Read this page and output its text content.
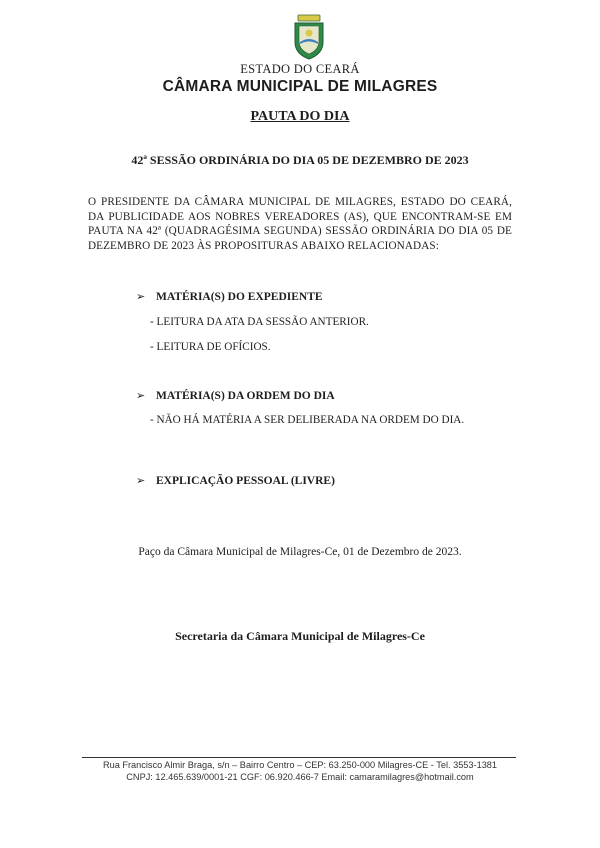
ESTADO DO CEARÁ
CÂMARA MUNICIPAL DE MILAGRES
PAUTA DO DIA
42ª SESSÃO ORDINÁRIA DO DIA 05 DE DEZEMBRO DE 2023
O PRESIDENTE DA CÂMARA MUNICIPAL DE MILAGRES, ESTADO DO CEARÁ, DA PUBLICIDADE AOS NOBRES VEREADORES (AS), QUE ENCONTRAM-SE EM PAUTA NA 42ª (QUADRAGÉSIMA SEGUNDA) SESSÃO ORDINÁRIA DO DIA 05 DE DEZEMBRO DE 2023 ÀS PROPOSITURAS ABAIXO RELACIONADAS:
➢ MATÉRIA(S) DO EXPEDIENTE
- LEITURA DA ATA DA SESSÃO ANTERIOR.
- LEITURA DE OFÍCIOS.
➢ MATÉRIA(S) DA ORDEM DO DIA
- NÃO HÁ MATÉRIA A SER DELIBERADA NA ORDEM DO DIA.
➢ EXPLICAÇÃO PESSOAL (LIVRE)
Paço da Câmara Municipal de Milagres-Ce, 01 de Dezembro de 2023.
Secretaria da Câmara Municipal de Milagres-Ce
Rua Francisco Almir Braga, s/n – Bairro Centro – CEP: 63.250-000 Milagres-CE - Tel. 3553-1381
CNPJ: 12.465.639/0001-21 CGF: 06.920.466-7 Email: camaramilagres@hotmail.com
